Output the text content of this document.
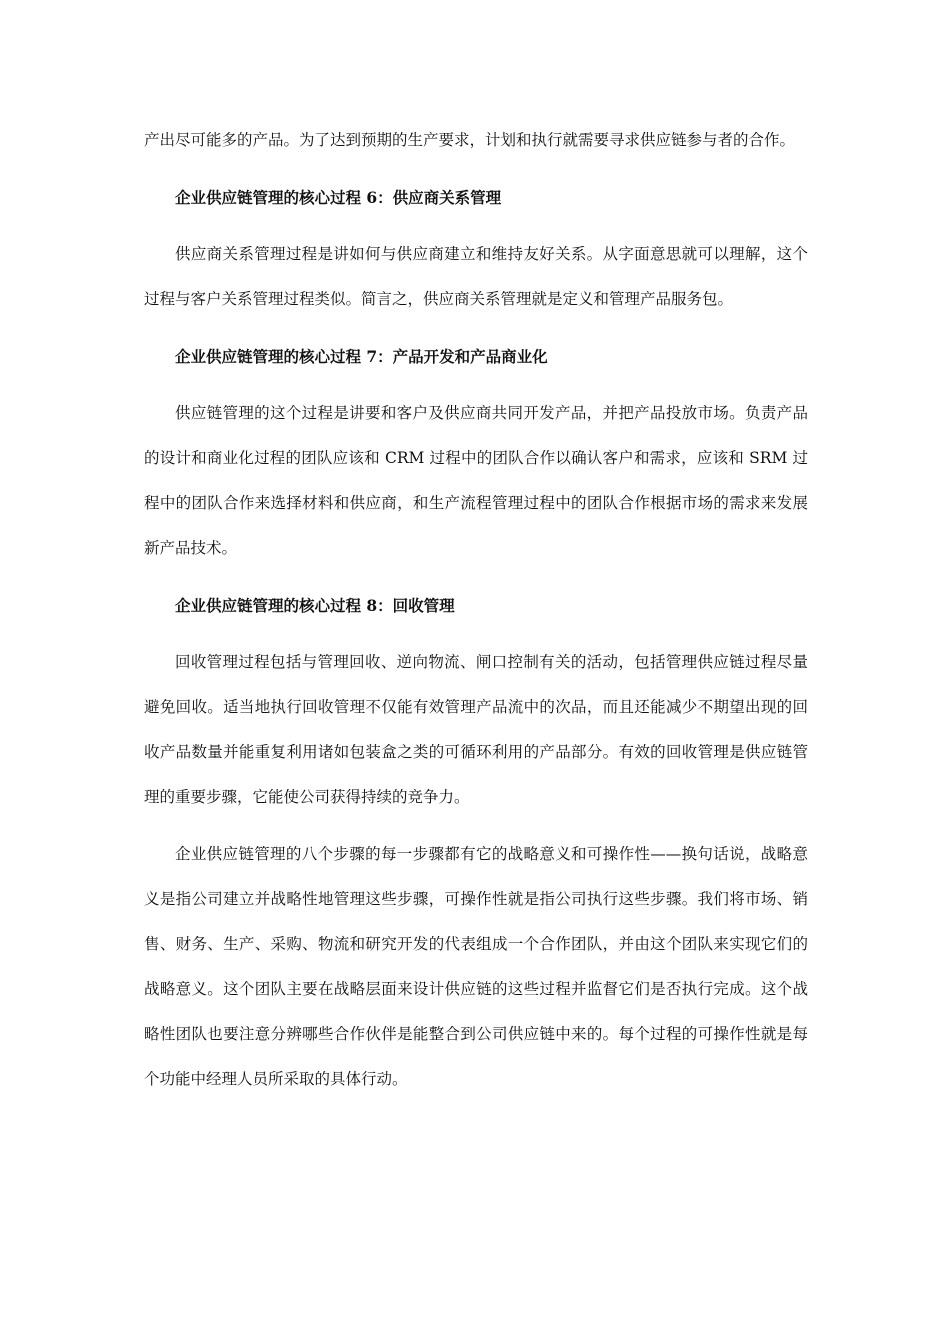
产出尽可能多的产品。为了达到预期的生产要求，计划和执行就需要寻求供应链参与者的合作。

企业供应链管理的核心过程 6：供应商关系管理

供应商关系管理过程是讲如何与供应商建立和维持友好关系。从字面意思就可以理解，这个过程与客户关系管理过程类似。简言之，供应商关系管理就是定义和管理产品服务包。

企业供应链管理的核心过程 7：产品开发和产品商业化

供应链管理的这个过程是讲要和客户及供应商共同开发产品，并把产品投放市场。负责产品的设计和商业化过程的团队应该和 CRM 过程中的团队合作以确认客户和需求，应该和 SRM 过程中的团队合作来选择材料和供应商，和生产流程管理过程中的团队合作根据市场的需求来发展新产品技术。

企业供应链管理的核心过程 8：回收管理

回收管理过程包括与管理回收、逆向物流、闸口控制有关的活动，包括管理供应链过程尽量避免回收。适当地执行回收管理不仅能有效管理产品流中的次品，而且还能减少不期望出现的回收产品数量并能重复利用诸如包装盒之类的可循环利用的产品部分。有效的回收管理是供应链管理的重要步骤，它能使公司获得持续的竞争力。

企业供应链管理的八个步骤的每一步骤都有它的战略意义和可操作性——换句话说，战略意义是指公司建立并战略性地管理这些步骤，可操作性就是指公司执行这些步骤。我们将市场、销售、财务、生产、采购、物流和研究开发的代表组成一个合作团队，并由这个团队来实现它们的战略意义。这个团队主要在战略层面来设计供应链的这些过程并监督它们是否执行完成。这个战略性团队也要注意分辨哪些合作伙伴是能整合到公司供应链中来的。每个过程的可操作性就是每个功能中经理人员所采取的具体行动。
